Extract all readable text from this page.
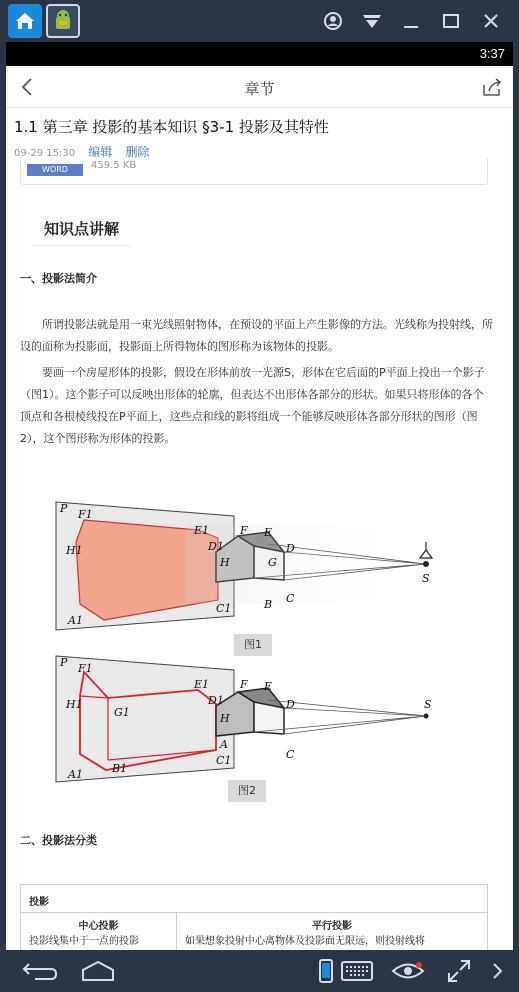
3:37
章节
1.1 第三章 投影的基本知识 §3-1 投影及其特性
09-29 15:30 编辑 删除
WORD	459.5 KB
知识点讲解
一、投影法简介
所谓投影法就是用一束光线照射物体，在预设的平面上产生影像的方法。光线称为投射线，所设的面称为投影面，投影面上所得物体的图形称为该物体的投影。
要画一个房屋形体的投影，假设在形体前放一光源S，形体在它后面的P平面上投出一个影子（图1）。这个影子可以反映出形体的轮廓，但表达不出形体各部分的形状。如果只将形体的各个顶点和各根棱线投在P平面上，这些点和线的影将组成一个能够反映形体各部分形状的图形（图2），这个图形称为形体的投影。
P F1
E1
D1
H1
A1
C1
F E
D
H	G
B C
S
图1
P F1
E1
D1
H1
G1
B1
A1
C1
F E
D
H
A
C
S
图2
二、投影法分类
投影
中心投影
投影线集中于一点的投影
平行投影
如果想象投射中心离物体及投影面无限远，则投射线将
